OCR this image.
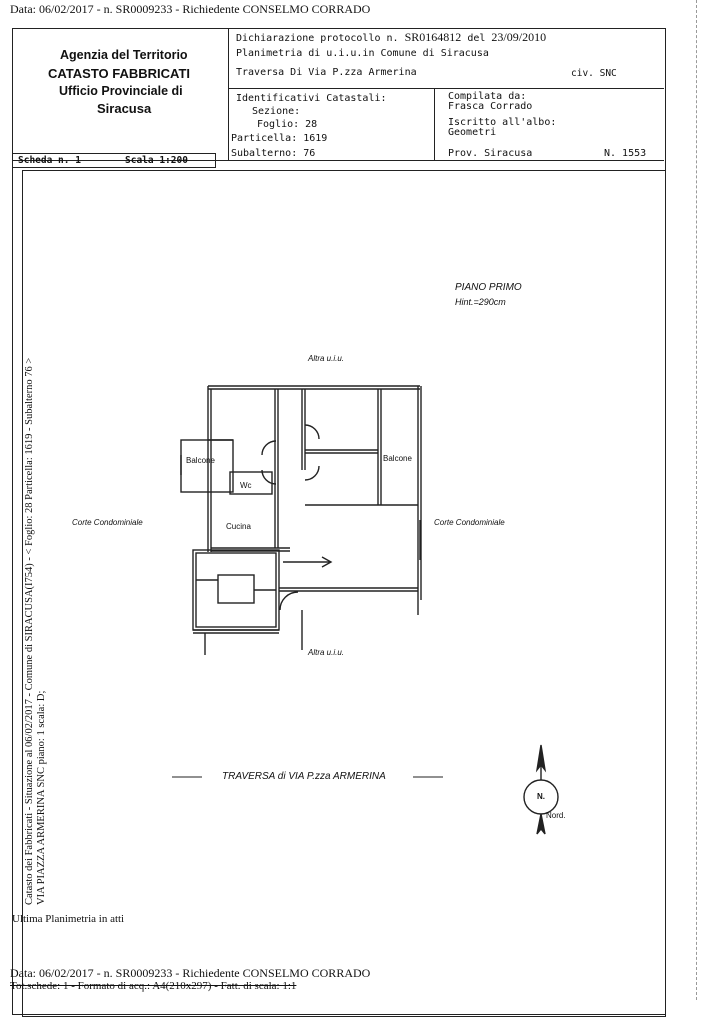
Data: 06/02/2017 - n. SR0009233 - Richiedente CONSELMO CORRADO
Agenzia del Territorio
CATASTO FABBRICATI
Ufficio Provinciale di
Siracusa
Dichiarazione protocollo n. SR0164812 del 23/09/2010
Planimetria di u.i.u.in Comune di Siracusa
Traversa Di Via P.zza Armerina	civ. SNC
Identificativi Catastali:
Sezione:
Foglio: 28
Particella: 1619
Subalterno: 76
Compilata da:
Frasca Corrado
Iscritto all'albo:
Geometri
Prov. Siracusa	N. 1553
Scheda n. 1	Scala 1:200
PIANO PRIMO
Hint.=290cm
Altra u.i.u.
Altra u.i.u.
Corte Condominiale	Corte Condominiale
Balcone	Balcone
Wc
Cucina
TRAVERSA di VIA P.zza ARMERINA
N.
Nord.
Catasto dei Fabbricati - Situazione al 06/02/2017 - Comune di SIRACUSA(I754) - < Foglio: 28 Particella: 1619 - Subalterno 76 > VIA PIAZZA ARMERINA SNC piano: 1 scala: D;
Ultima Planimetria in atti
Data: 06/02/2017 - n. SR0009233 - Richiedente CONSELMO CORRADO
Tot.schede: 1 - Formato di acq.: A4(210x297) - Fatt. di scala: 1:1
